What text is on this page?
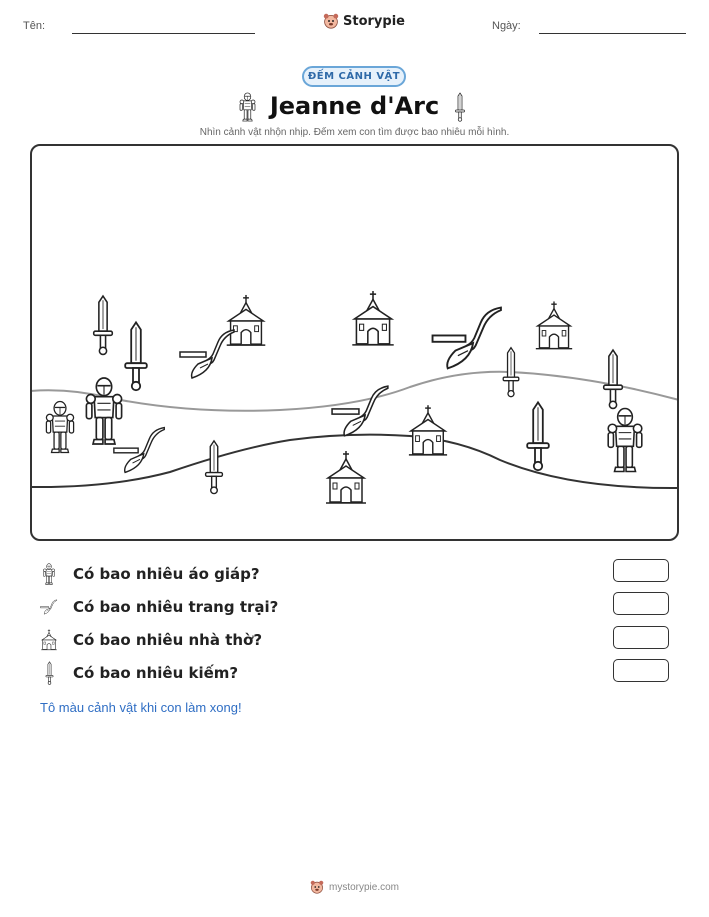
Tên:	Storypie	Ngày:
ĐẾM CẢNH VẬT
Jeanne d'Arc
Nhìn cảnh vật nhộn nhịp. Đếm xem con tìm được bao nhiêu mỗi hình.
Có bao nhiêu áo giáp?
Có bao nhiêu trang trại?
Có bao nhiêu nhà thờ?
Có bao nhiêu kiếm?
Tô màu cảnh vật khi con làm xong!
mystorypie.com
